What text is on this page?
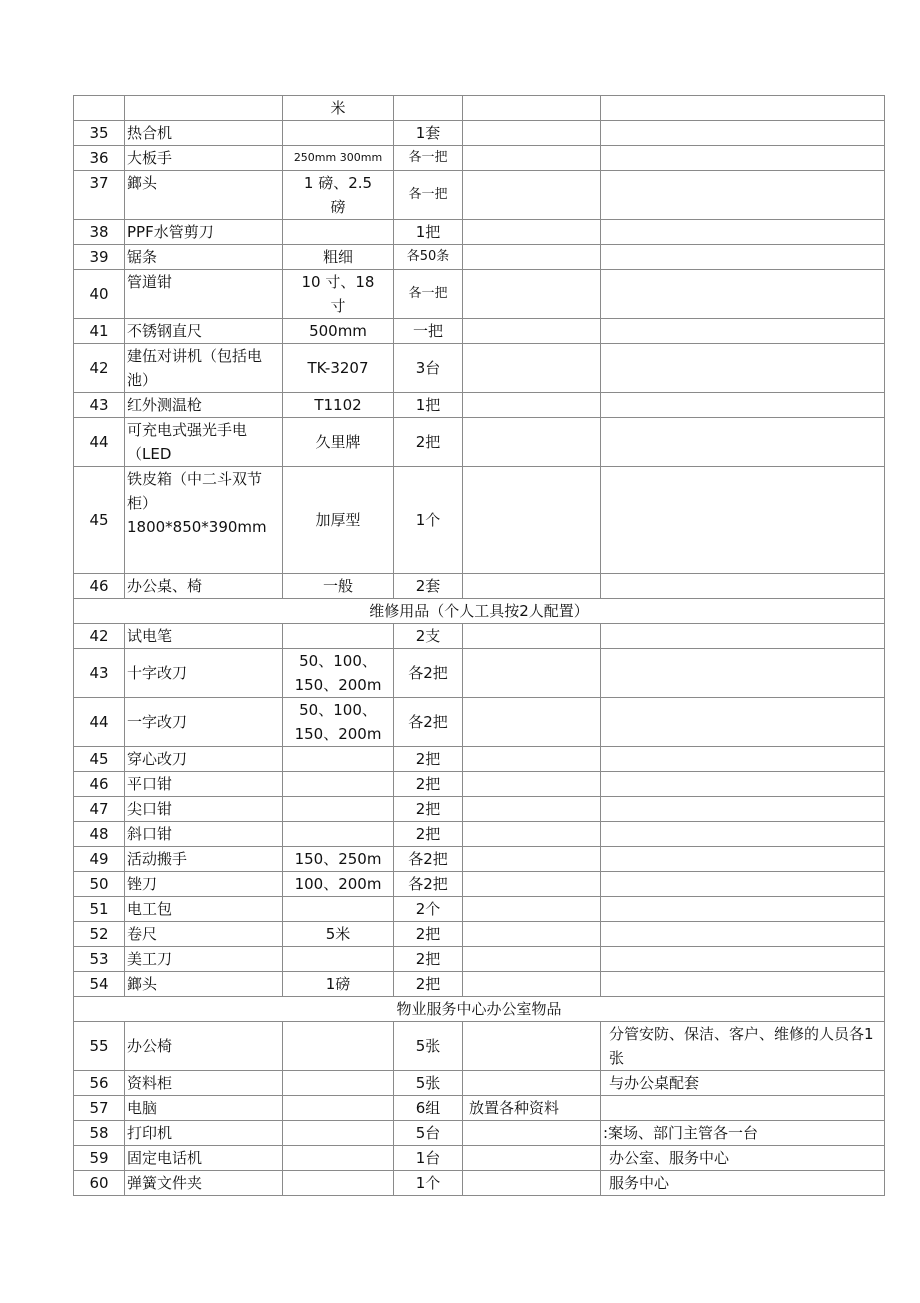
		米			
35	热合机		1套		
36	大板手	250mm 300mm	各一把		
37	鎯头	1 磅、2.5 磅	各一把		
38	PPF水管剪刀		1把		
39	锯条	粗细	各50条		
40	管道钳	10 寸、18 寸	各一把		
41	不锈钢直尺	500mm	一把		
42	建伍对讲机（包括电池）	TK-3207	3台		
43	红外测温枪	T1102	1把		
44	可充电式强光手电（LED	久里牌	2把		
45	铁皮箱（中二斗双节柜）1800*850*390mm	加厚型	1个		
46	办公桌、椅	一般	2套		
维修用品（个人工具按2人配置）					
42	试电笔		2支		
43	十字改刀	50、100、150、200m	各2把		
44	一字改刀	50、100、150、200m	各2把		
45	穿心改刀		2把		
46	平口钳		2把		
47	尖口钳		2把		
48	斜口钳		2把		
49	活动搬手	150、250m	各2把		
50	锉刀	100、200m	各2把		
51	电工包		2个		
52	卷尺	5米	2把		
53	美工刀		2把		
54	鎯头	1磅	2把		
物业服务中心办公室物品					
55	办公椅		5张		分管安防、保洁、客户、维修的人员各1张
56	资料柜		5张		与办公桌配套
57	电脑		6组	放置各种资料	
58	打印机		5台		:案场、部门主管各一台
59	固定电话机		1台		办公室、服务中心
60	弹簧文件夹		1个		服务中心
